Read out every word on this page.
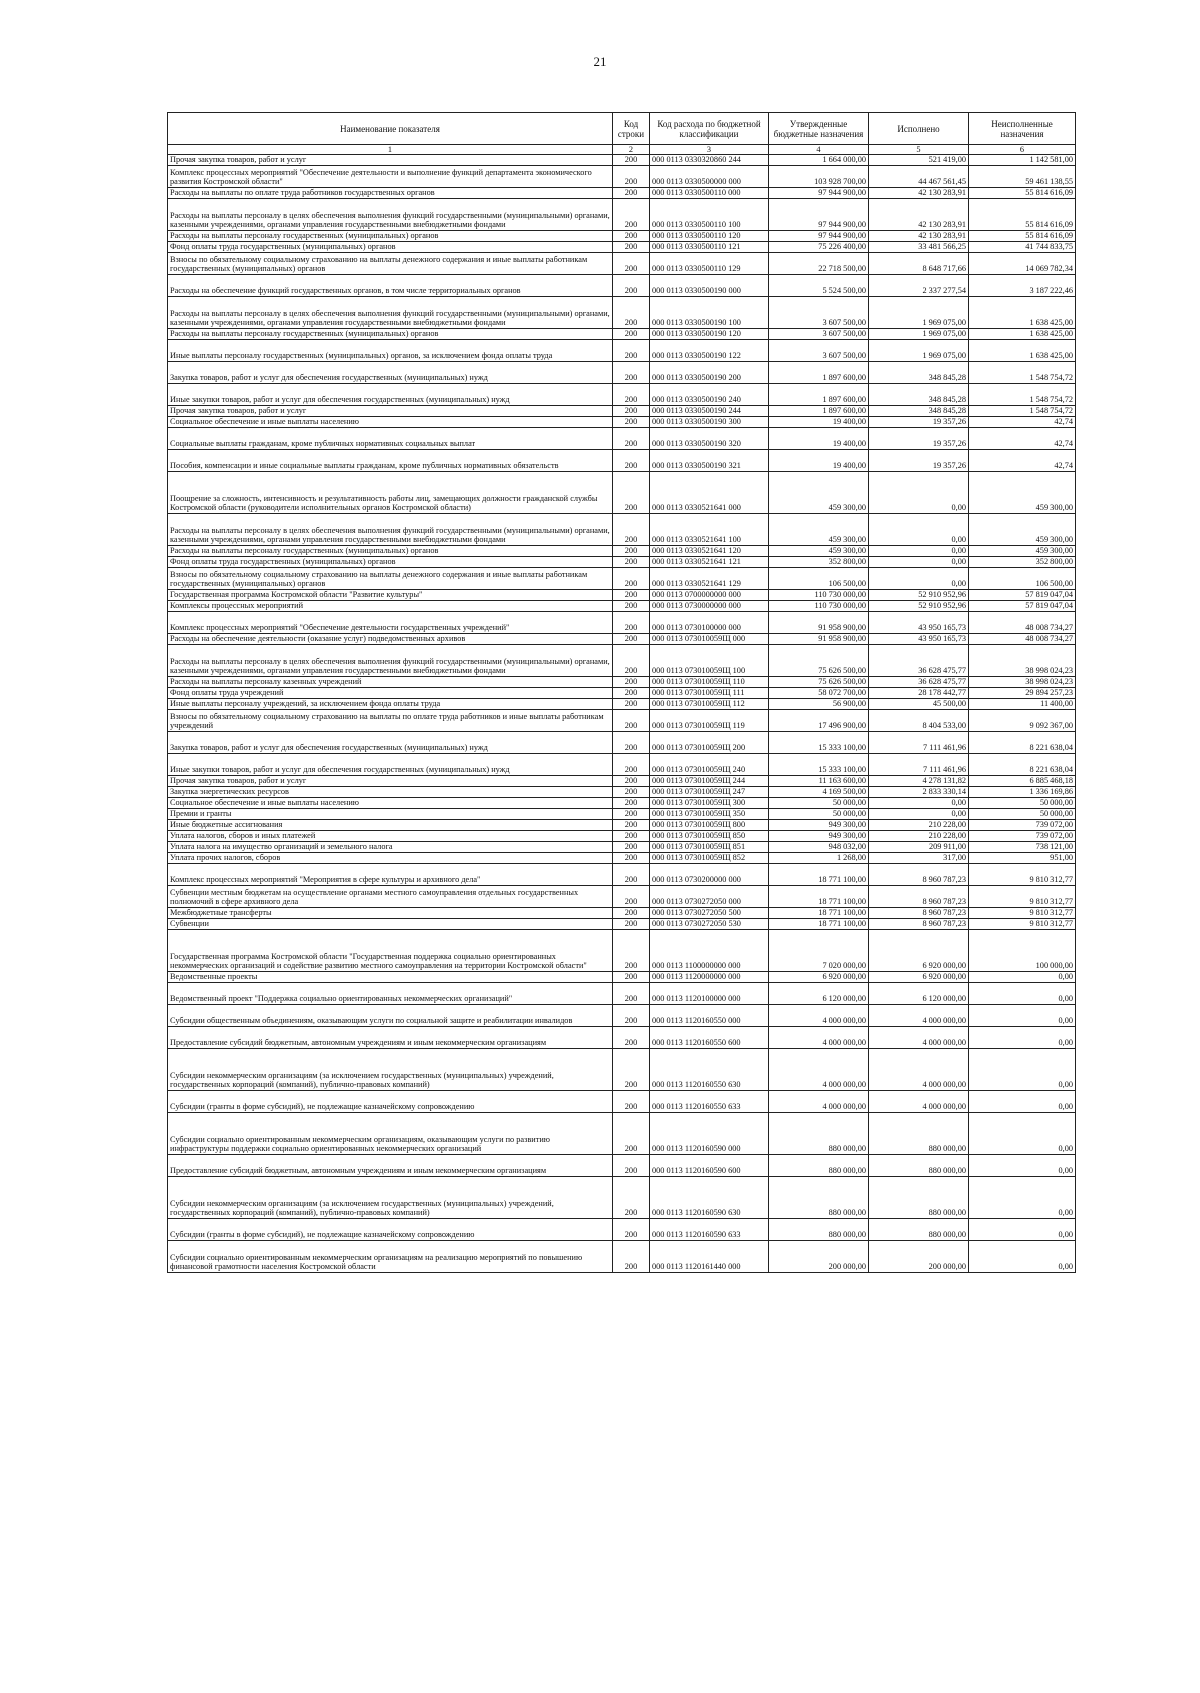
21
Наименование показателя	Код строки	Код расхода по бюджетной классификации	Утвержденные бюджетные назначения	Исполнено	Неисполненные назначения
1	2	3	4	5	6
Прочая закупка товаров, работ и услуг	200	000 0113 0330320860 244	1 664 000,00	521 419,00	1 142 581,00
Комплекс процессных мероприятий "Обеспечение деятельности и выполнение функций департамента экономического развития Костромской области"	200	000 0113 0330500000 000	103 928 700,00	44 467 561,45	59 461 138,55
Расходы на выплаты по оплате труда работников государственных органов	200	000 0113 0330500110 000	97 944 900,00	42 130 283,91	55 814 616,09
Расходы на выплаты персоналу в целях обеспечения выполнения функций государственными (муниципальными) органами, казенными учреждениями, органами управления государственными внебюджетными фондами	200	000 0113 0330500110 100	97 944 900,00	42 130 283,91	55 814 616,09
Расходы на выплаты персоналу государственных (муниципальных) органов	200	000 0113 0330500110 120	97 944 900,00	42 130 283,91	55 814 616,09
Фонд оплаты труда государственных (муниципальных) органов	200	000 0113 0330500110 121	75 226 400,00	33 481 566,25	41 744 833,75
Взносы по обязательному социальному страхованию на выплаты денежного содержания и иные выплаты работникам государственных (муниципальных) органов	200	000 0113 0330500110 129	22 718 500,00	8 648 717,66	14 069 782,34
Расходы на обеспечение функций государственных органов, в том числе территориальных органов	200	000 0113 0330500190 000	5 524 500,00	2 337 277,54	3 187 222,46
Расходы на выплаты персоналу в целях обеспечения выполнения функций государственными (муниципальными) органами, казенными учреждениями, органами управления государственными внебюджетными фондами	200	000 0113 0330500190 100	3 607 500,00	1 969 075,00	1 638 425,00
Расходы на выплаты персоналу государственных (муниципальных) органов	200	000 0113 0330500190 120	3 607 500,00	1 969 075,00	1 638 425,00
Иные выплаты персоналу государственных (муниципальных) органов, за исключением фонда оплаты труда	200	000 0113 0330500190 122	3 607 500,00	1 969 075,00	1 638 425,00
Закупка товаров, работ и услуг для обеспечения государственных (муниципальных) нужд	200	000 0113 0330500190 200	1 897 600,00	348 845,28	1 548 754,72
Иные закупки товаров, работ и услуг для обеспечения государственных (муниципальных) нужд	200	000 0113 0330500190 240	1 897 600,00	348 845,28	1 548 754,72
Прочая закупка товаров, работ и услуг	200	000 0113 0330500190 244	1 897 600,00	348 845,28	1 548 754,72
Социальное обеспечение и иные выплаты населению	200	000 0113 0330500190 300	19 400,00	19 357,26	42,74
Социальные выплаты гражданам, кроме публичных нормативных социальных выплат	200	000 0113 0330500190 320	19 400,00	19 357,26	42,74
Пособия, компенсации и иные социальные выплаты гражданам, кроме публичных нормативных обязательств	200	000 0113 0330500190 321	19 400,00	19 357,26	42,74
Поощрение за сложность, интенсивность и результативность работы лиц, замещающих должности гражданской службы Костромской области (руководители исполнительных органов Костромской области)	200	000 0113 0330521641 000	459 300,00	0,00	459 300,00
Расходы на выплаты персоналу в целях обеспечения выполнения функций государственными (муниципальными) органами, казенными учреждениями, органами управления государственными внебюджетными фондами	200	000 0113 0330521641 100	459 300,00	0,00	459 300,00
Расходы на выплаты персоналу государственных (муниципальных) органов	200	000 0113 0330521641 120	459 300,00	0,00	459 300,00
Фонд оплаты труда государственных (муниципальных) органов	200	000 0113 0330521641 121	352 800,00	0,00	352 800,00
Взносы по обязательному социальному страхованию на выплаты денежного содержания и иные выплаты работникам государственных (муниципальных) органов	200	000 0113 0330521641 129	106 500,00	0,00	106 500,00
Государственная программа Костромской области "Развитие культуры"	200	000 0113 0700000000 000	110 730 000,00	52 910 952,96	57 819 047,04
Комплексы процессных мероприятий	200	000 0113 0730000000 000	110 730 000,00	52 910 952,96	57 819 047,04
Комплекс процессных мероприятий "Обеспечение деятельности государственных учреждений"	200	000 0113 0730100000 000	91 958 900,00	43 950 165,73	48 008 734,27
Расходы на обеспечение деятельности (оказание услуг) подведомственных архивов	200	000 0113 073010059Щ 000	91 958 900,00	43 950 165,73	48 008 734,27
Расходы на выплаты персоналу в целях обеспечения выполнения функций государственными (муниципальными) органами, казенными учреждениями, органами управления государственными внебюджетными фондами	200	000 0113 073010059Щ 100	75 626 500,00	36 628 475,77	38 998 024,23
Расходы на выплаты персоналу казенных учреждений	200	000 0113 073010059Щ 110	75 626 500,00	36 628 475,77	38 998 024,23
Фонд оплаты труда учреждений	200	000 0113 073010059Щ 111	58 072 700,00	28 178 442,77	29 894 257,23
Иные выплаты персоналу учреждений, за исключением фонда оплаты труда	200	000 0113 073010059Щ 112	56 900,00	45 500,00	11 400,00
Взносы по обязательному социальному страхованию на выплаты по оплате труда работников и иные выплаты работникам учреждений	200	000 0113 073010059Щ 119	17 496 900,00	8 404 533,00	9 092 367,00
Закупка товаров, работ и услуг для обеспечения государственных (муниципальных) нужд	200	000 0113 073010059Щ 200	15 333 100,00	7 111 461,96	8 221 638,04
Иные закупки товаров, работ и услуг для обеспечения государственных (муниципальных) нужд	200	000 0113 073010059Щ 240	15 333 100,00	7 111 461,96	8 221 638,04
Прочая закупка товаров, работ и услуг	200	000 0113 073010059Щ 244	11 163 600,00	4 278 131,82	6 885 468,18
Закупка энергетических ресурсов	200	000 0113 073010059Щ 247	4 169 500,00	2 833 330,14	1 336 169,86
Социальное обеспечение и иные выплаты населению	200	000 0113 073010059Щ 300	50 000,00	0,00	50 000,00
Премии и гранты	200	000 0113 073010059Щ 350	50 000,00	0,00	50 000,00
Иные бюджетные ассигнования	200	000 0113 073010059Щ 800	949 300,00	210 228,00	739 072,00
Уплата налогов, сборов и иных платежей	200	000 0113 073010059Щ 850	949 300,00	210 228,00	739 072,00
Уплата налога на имущество организаций и земельного налога	200	000 0113 073010059Щ 851	948 032,00	209 911,00	738 121,00
Уплата прочих налогов, сборов	200	000 0113 073010059Щ 852	1 268,00	317,00	951,00
Комплекс процессных мероприятий "Мероприятия в сфере культуры и архивного дела"	200	000 0113 0730200000 000	18 771 100,00	8 960 787,23	9 810 312,77
Субвенции местным бюджетам на осуществление органами местного самоуправления отдельных государственных полномочий в сфере архивного дела	200	000 0113 0730272050 000	18 771 100,00	8 960 787,23	9 810 312,77
Межбюджетные трансферты	200	000 0113 0730272050 500	18 771 100,00	8 960 787,23	9 810 312,77
Субвенции	200	000 0113 0730272050 530	18 771 100,00	8 960 787,23	9 810 312,77
Государственная программа Костромской области "Государственная поддержка социально ориентированных некоммерческих организаций и содействие развитию местного самоуправления на территории Костромской области"	200	000 0113 1100000000 000	7 020 000,00	6 920 000,00	100 000,00
Ведомственные проекты	200	000 0113 1120000000 000	6 920 000,00	6 920 000,00	0,00
Ведомственный проект "Поддержка социально ориентированных некоммерческих организаций"	200	000 0113 1120100000 000	6 120 000,00	6 120 000,00	0,00
Субсидии общественным объединениям, оказывающим услуги по социальной защите и реабилитации инвалидов	200	000 0113 1120160550 000	4 000 000,00	4 000 000,00	0,00
Предоставление субсидий бюджетным, автономным учреждениям и иным некоммерческим организациям	200	000 0113 1120160550 600	4 000 000,00	4 000 000,00	0,00
Субсидии некоммерческим организациям (за исключением государственных (муниципальных) учреждений, государственных корпораций (компаний), публично-правовых компаний)	200	000 0113 1120160550 630	4 000 000,00	4 000 000,00	0,00
Субсидии (гранты в форме субсидий), не подлежащие казначейскому сопровождению	200	000 0113 1120160550 633	4 000 000,00	4 000 000,00	0,00
Субсидии социально ориентированным некоммерческим организациям, оказывающим услуги по развитию инфраструктуры поддержки социально ориентированных некоммерческих организаций	200	000 0113 1120160590 000	880 000,00	880 000,00	0,00
Предоставление субсидий бюджетным, автономным учреждениям и иным некоммерческим организациям	200	000 0113 1120160590 600	880 000,00	880 000,00	0,00
Субсидии некоммерческим организациям (за исключением государственных (муниципальных) учреждений, государственных корпораций (компаний), публично-правовых компаний)	200	000 0113 1120160590 630	880 000,00	880 000,00	0,00
Субсидии (гранты в форме субсидий), не подлежащие казначейскому сопровождению	200	000 0113 1120160590 633	880 000,00	880 000,00	0,00
Субсидии социально ориентированным некоммерческим организациям на реализацию мероприятий по повышению финансовой грамотности населения Костромской области	200	000 0113 1120161440 000	200 000,00	200 000,00	0,00
